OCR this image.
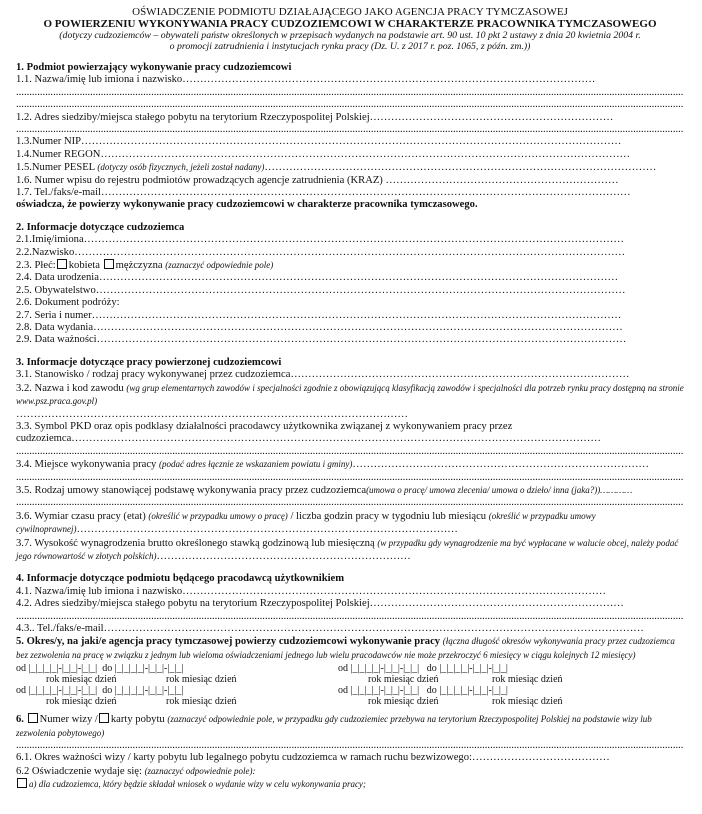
OŚWIADCZENIE PODMIOTU DZIAŁAJĄCEGO JAKO AGENCJA PRACY TYMCZASOWEJ
O POWIERZENIU WYKONYWANIA PRACY CUDZOZIEMCOWI W CHARAKTERZE PRACOWNIKA TYMCZASOWEGO
(dotyczy cudzoziemców – obywateli państw określonych w przepisach wydanych na podstawie art. 90 ust. 10 pkt 2 ustawy z dnia 20 kwietnia 2004 r.
o promocji zatrudnienia i instytucjach rynku pracy (Dz. U. z 2017 r. poz. 1065, z późn. zm.))
1. Podmiot powierzający wykonywanie pracy cudzoziemcowi
1.1. Nazwa/imię lub imiona i nazwisko………………………………………………………………………………………………………
.....
.....
1.2. Adres siedziby/miejsca stałego pobytu na terytorium Rzeczypospolitej Polskiej……………………………………………………………
.....
1.3.Numer NIP………………………………………………………………………………………………………………………………………
1.4.Numer REGON……………………………………………………………………………………………………………………………………
1.5.Numer PESEL (dotyczy osób fizycznych, jeżeli został nadany)…………………………………………………………………………………………………
1.6. Numer wpisu do rejestru podmiotów prowadzących agencje zatrudnienia (KRAZ) …………………………………………………………
1.7. Tel./faks/e-mail……………………………………………………………………………………………………………………………………
oświadcza, że powierzy wykonywanie pracy cudzoziemcowi w charakterze pracownika tymczasowego.
2. Informacje dotyczące cudzoziemca
2.1.Imię/imiona………………………………………………………………………………………………………………………………………
2.2.Nazwisko…………………………………………………………………………………………………………………………………………
2.3. Płeć: kobieta mężczyzna (zaznaczyć odpowiednie pole)
2.4. Data urodzenia…………………………………………………………………………………………………………………………………
2.5. Obywatelstwo……………………………………………………………………………………………………………………………………
2.6. Dokument podróży:
2.7. Seria i numer……………………………………………………………………………………………………………………………………
2.8. Data wydania……………………………………………………………………………………………………………………………………
2.9. Data ważności……………………………………………………………………………………………………………………………………
3. Informacje dotyczące pracy powierzonej cudzoziemcowi
3.1. Stanowisko / rodzaj pracy wykonywanej przez cudzoziemca……………………………………………………………………………………
3.2. Nazwa i kod zawodu (wg grup elementarnych zawodów i specjalności zgodnie z obowiązującą klasyfikacją zawodów i specjalności dla potrzeb rynku pracy dostępną na stronie www.psz.praca.gov.pl)
…………………………………………………………………………………………………
3.3. Symbol PKD oraz opis podklasy działalności pracodawcy użytkownika związanej z wykonywaniem pracy przez cudzoziemca……………………………………………………………………………………………………………………………………
.....
3.4. Miejsce wykonywania pracy (podać adres łącznie ze wskazaniem powiatu i gminy)…………………………………………………………………………
.....
3.5. Rodzaj umowy stanowiącej podstawę wykonywania pracy przez cudzoziemca(umowa o pracę/ umowa zlecenia/ umowa o dzieło/ inna (jaka?))…………
.....
3.6. Wymiar czasu pracy (etat) (określić w przypadku umowy o pracę) / liczba godzin pracy w tygodniu lub miesiącu (określić w przypadku umowy cywilnoprawnej)………………………………………………………………………………………………
3.7. Wysokość wynagrodzenia brutto określonego stawką godzinową lub miesięczną (w przypadku gdy wynagrodzenie ma być wypłacane w walucie obcej, należy podać jego równowartość w złotych polskich)………………………………………………………………
4. Informacje dotyczące podmiotu będącego pracodawcą użytkownikiem
4.1. Nazwa/imię lub imiona i nazwisko…………………………………………………………………………………………………………
4.2. Adres siedziby/miejsca stałego pobytu na terytorium Rzeczypospolitej Polskiej………………………………………………………………
.....
4.3.. Tel./faks/e-mail………………………………………………………………………………………………………………………………………
5. Okres/y, na jaki/e agencja pracy tymczasowej powierzy cudzoziemcowi wykonywanie pracy (łączna długość okresów wykonywania pracy przez cudzoziemca bez zezwolenia na pracę w związku z jednym lub wieloma oświadczeniami jednego lub wielu pracodawców nie może przekroczyć 6 miesięcy w ciągu kolejnych 12 miesięcy)
od |_|_|_|_|-|_|_|-|_|_| do |_|_|_|_|-|_|_|-|_|_|
rok miesiąc dzień	rok miesiąc dzień
od |_|_|_|_|-|_|_|-|_|_| do |_|_|_|_|-|_|_|-|_|_|
rok miesiąc dzień	rok miesiąc dzień
od |_|_|_|_|-|_|_|-|_|_| do |_|_|_|_|-|_|_|-|_|_|
rok miesiąc dzień	rok miesiąc dzień
od |_|_|_|_|-|_|_|-|_|_| do |_|_|_|_|-|_|_|-|_|_|
rok miesiąc dzień	rok miesiąc dzień
6. Numer wizy / karty pobytu (zaznaczyć odpowiednie pole, w przypadku gdy cudzoziemiec przebywa na terytorium Rzeczypospolitej Polskiej na podstawie wizy lub zezwolenia pobytowego)
.....
6.1. Okres ważności wizy / karty pobytu lub legalnego pobytu cudzoziemca w ramach ruchu bezwizowego:…………………………………
6.2 Oświadczenie wydaje się: (zaznaczyć odpowiednie pole):
a) dla cudzoziemca, który będzie składał wniosek o wydanie wizy w celu wykonywania pracy;
